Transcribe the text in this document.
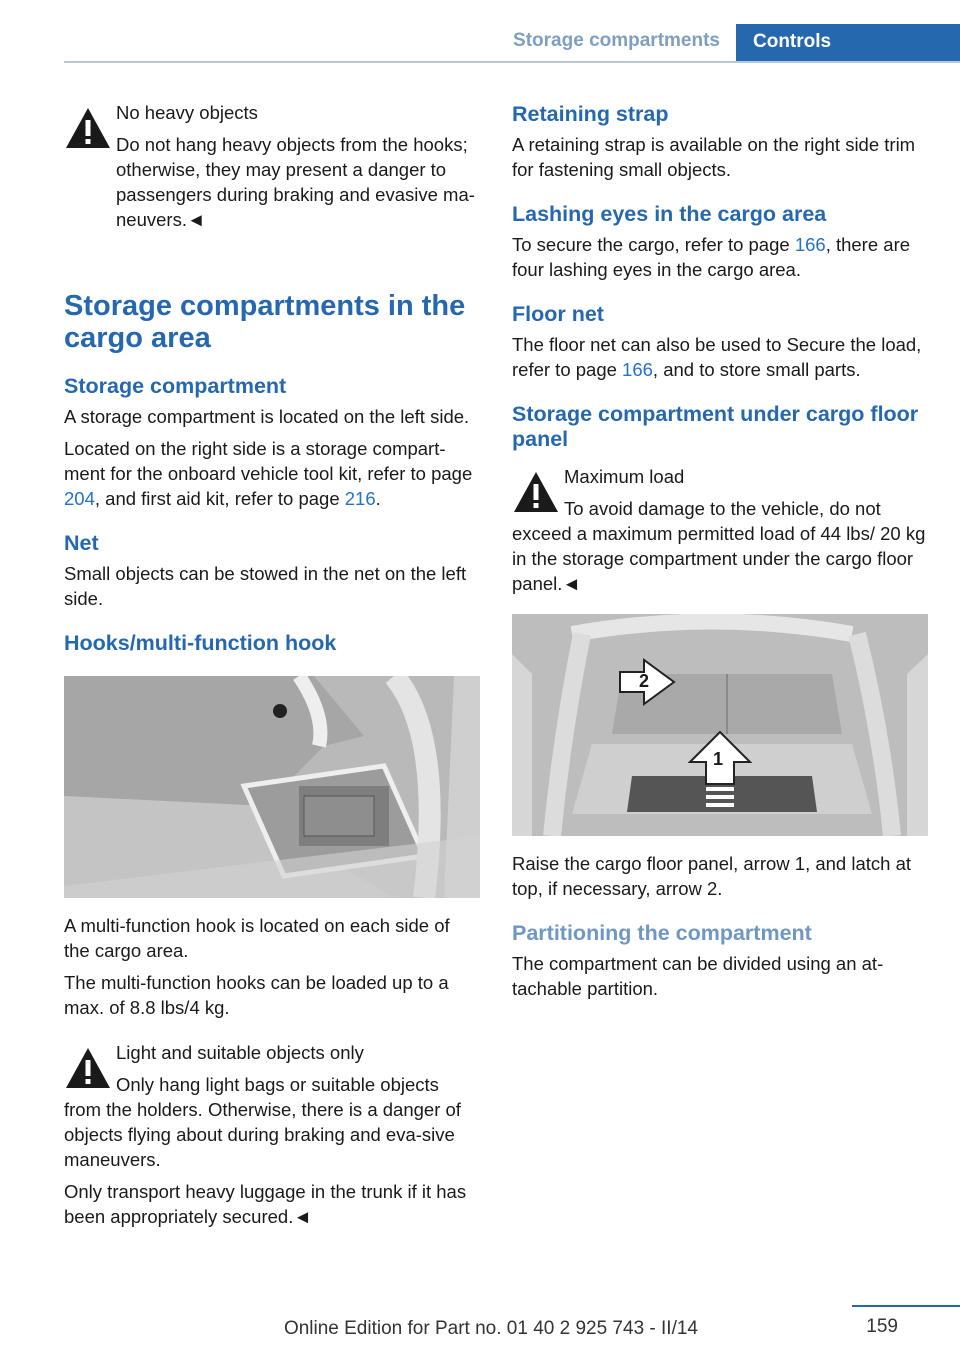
Storage compartments	Controls
No heavy objects
Do not hang heavy objects from the hooks; otherwise, they may present a danger to passengers during braking and evasive ma‐neuvers.◄
Storage compartments in the cargo area
Storage compartment

A storage compartment is located on the left side.

Located on the right side is a storage compart‐ment for the onboard vehicle tool kit, refer to page 204, and first aid kit, refer to page 216.

Net

Small objects can be stowed in the net on the left side.

Hooks/multi-function hook

A multi-function hook is located on each side of the cargo area.

The multi-function hooks can be loaded up to a max. of 8.8 lbs/4 kg.

Light and suitable objects only
Only hang light bags or suitable objects from the holders. Otherwise, there is a danger of objects flying about during braking and eva‐sive maneuvers.

Only transport heavy luggage in the trunk if it has been appropriately secured.◄

Retaining strap

A retaining strap is available on the right side trim for fastening small objects.

Lashing eyes in the cargo area

To secure the cargo, refer to page 166, there are four lashing eyes in the cargo area.

Floor net

The floor net can also be used to Secure the load, refer to page 166, and to store small parts.

Storage compartment under cargo floor panel
Maximum load
To avoid damage to the vehicle, do not exceed a maximum permitted load of 44 lbs/ 20 kg in the storage compartment under the cargo floor panel.◄
2
1

Raise the cargo floor panel, arrow 1, and latch at top, if necessary, arrow 2.

Partitioning the compartment

The compartment can be divided using an at‐tachable partition.

159
Online Edition for Part no. 01 40 2 925 743 - II/14
